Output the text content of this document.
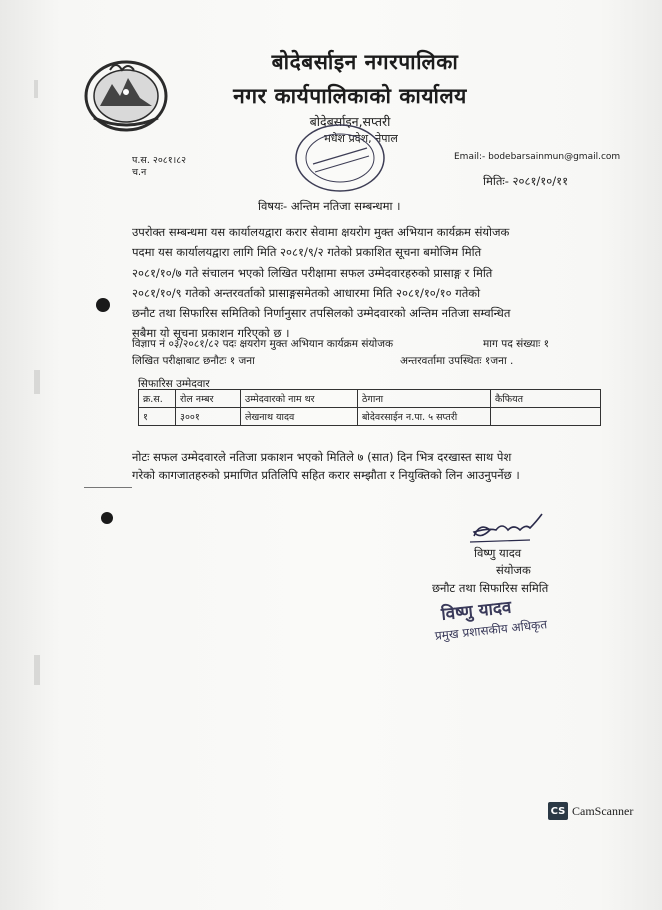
बोदेबर्साइन नगरपालिका
नगर कार्यपालिकाको कार्यालय
बोदेबर्साइन,सप्तरी
मधेश प्रदेश, नेपाल
प.स. २०८१।८२
च.न
Email:- bodebarsainmun@gmail.com
मितिः- २०८१/१०/११
विषयः- अन्तिम नतिजा सम्बन्धमा ।
उपरोक्त सम्बन्धमा यस कार्यालयद्वारा करार सेवामा क्षयरोग मुक्त अभियान कार्यक्रम संयोजक
पदमा यस कार्यालयद्वारा लागि मिति २०८१/९/२ गतेको प्रकाशित सूचना बमोजिम मिति
२०८१/१०/७ गते संचालन भएको लिखित परीक्षामा सफल उम्मेदवारहरुको प्रासाङ्ग र मिति
२०८१/१०/९ गतेको अन्तरवर्ताको प्रासाङ्गसमेतको आधारमा मिति २०८१/१०/१० गतेको
छनौट तथा सिफारिस समितिको निर्णानुसार तपसिलको उम्मेदवारको अन्तिम नतिजा सम्वन्धित
सबैमा यो सूचना प्रकाशन गरिएको छ ।
विज्ञाप नं ०३/२०८१/८२ पदः क्षयरोग मुक्त अभियान कार्यक्रम संयोजक	माग पद संख्याः १
लिखित परीक्षाबाट छनौटः १ जना	अन्तरवर्तामा उपस्थितः १जना .
सिफारिस उम्मेदवार
क्र.स.	रोल नम्बर	उम्मेदवारको नाम थर	ठेगाना	कैफियत
१	३००१	लेखनाथ यादव	बोदेवरसाईन न.पा. ५ सप्तरी	
नोटः सफल उम्मेदवारले नतिजा प्रकाशन भएको मितिले ७ (सात) दिन भित्र दरखास्त साथ पेश
गरेको कागजातहरुको प्रमाणित प्रतिलिपि सहित करार सम्झौता र नियुक्तिको लिन आउनुपर्नेछ ।
विष्णु यादव
संयोजक
छनौट तथा सिफारिस समिति
विष्णु यादव
प्रमुख प्रशासकीय अधिकृत
CS CamScanner
